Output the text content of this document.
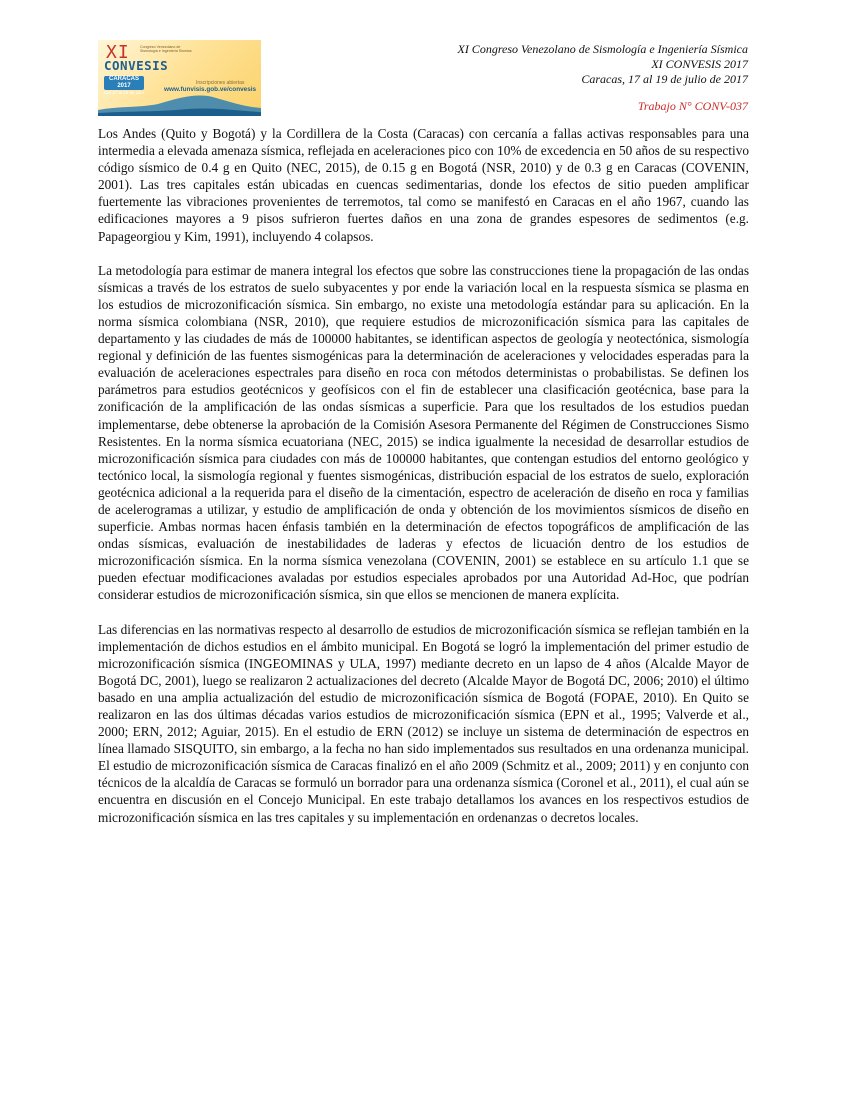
XI	Congreso Venezolano de Sismología e Ingeniería Sísmica
CONVESIS
CARACAS 2017
Del 17 al 19 de julio
Inscripciones abiertas
www.funvisis.gob.ve/convesis
XI Congreso Venezolano de Sismología e Ingeniería Sísmica
XI CONVESIS 2017
Caracas, 17 al 19 de julio de 2017
Trabajo N° CONV-037

Los Andes (Quito y Bogotá) y la Cordillera de la Costa (Caracas) con cercanía a fallas activas responsables para una intermedia a elevada amenaza sísmica, reflejada en aceleraciones pico con 10% de excedencia en 50 años de su respectivo código sísmico de 0.4 g en Quito (NEC, 2015), de 0.15 g en Bogotá (NSR, 2010) y de 0.3 g en Caracas (COVENIN, 2001). Las tres capitales están ubicadas en cuencas sedimentarias, donde los efectos de sitio pueden amplificar fuertemente las vibraciones provenientes de terremotos, tal como se manifestó en Caracas en el año 1967, cuando las edificaciones mayores a 9 pisos sufrieron fuertes daños en una zona de grandes espesores de sedimentos (e.g. Papageorgiou y Kim, 1991), incluyendo 4 colapsos.

La metodología para estimar de manera integral los efectos que sobre las construcciones tiene la propagación de las ondas sísmicas a través de los estratos de suelo subyacentes y por ende la variación local en la respuesta sísmica se plasma en los estudios de microzonificación sísmica. Sin embargo, no existe una metodología estándar para su aplicación. En la norma sísmica colombiana (NSR, 2010), que requiere estudios de microzonificación sísmica para las capitales de departamento y las ciudades de más de 100000 habitantes, se identifican aspectos de geología y neotectónica, sismología regional y definición de las fuentes sismogénicas para la determinación de aceleraciones y velocidades esperadas para la evaluación de aceleraciones espectrales para diseño en roca con métodos deterministas o probabilistas. Se definen los parámetros para estudios geotécnicos y geofísicos con el fin de establecer una clasificación geotécnica, base para la zonificación de la amplificación de las ondas sísmicas a superficie. Para que los resultados de los estudios puedan implementarse, debe obtenerse la aprobación de la Comisión Asesora Permanente del Régimen de Construcciones Sismo Resistentes. En la norma sísmica ecuatoriana (NEC, 2015) se indica igualmente la necesidad de desarrollar estudios de microzonificación sísmica para ciudades con más de 100000 habitantes, que contengan estudios del entorno geológico y tectónico local, la sismología regional y fuentes sismogénicas, distribución espacial de los estratos de suelo, exploración geotécnica adicional a la requerida para el diseño de la cimentación, espectro de aceleración de diseño en roca y familias de acelerogramas a utilizar, y estudio de amplificación de onda y obtención de los movimientos sísmicos de diseño en superficie. Ambas normas hacen énfasis también en la determinación de efectos topográficos de amplificación de las ondas sísmicas, evaluación de inestabilidades de laderas y efectos de licuación dentro de los estudios de microzonificación sísmica. En la norma sísmica venezolana (COVENIN, 2001) se establece en su artículo 1.1 que se pueden efectuar modificaciones avaladas por estudios especiales aprobados por una Autoridad Ad-Hoc, que podrían considerar estudios de microzonificación sísmica, sin que ellos se mencionen de manera explícita.

Las diferencias en las normativas respecto al desarrollo de estudios de microzonificación sísmica se reflejan también en la implementación de dichos estudios en el ámbito municipal. En Bogotá se logró la implementación del primer estudio de microzonificación sísmica (INGEOMINAS y ULA, 1997) mediante decreto en un lapso de 4 años (Alcalde Mayor de Bogotá DC, 2001), luego se realizaron 2 actualizaciones del decreto (Alcalde Mayor de Bogotá DC, 2006; 2010) el último basado en una amplia actualización del estudio de microzonificación sísmica de Bogotá (FOPAE, 2010). En Quito se realizaron en las dos últimas décadas varios estudios de microzonificación sísmica (EPN et al., 1995; Valverde et al., 2000; ERN, 2012; Aguiar, 2015). En el estudio de ERN (2012) se incluye un sistema de determinación de espectros en línea llamado SISQUITO, sin embargo, a la fecha no han sido implementados sus resultados en una ordenanza municipal. El estudio de microzonificación sísmica de Caracas finalizó en el año 2009 (Schmitz et al., 2009; 2011) y en conjunto con técnicos de la alcaldía de Caracas se formuló un borrador para una ordenanza sísmica (Coronel et al., 2011), el cual aún se encuentra en discusión en el Concejo Municipal. En este trabajo detallamos los avances en los respectivos estudios de microzonificación sísmica en las tres capitales y su implementación en ordenanzas o decretos locales.
